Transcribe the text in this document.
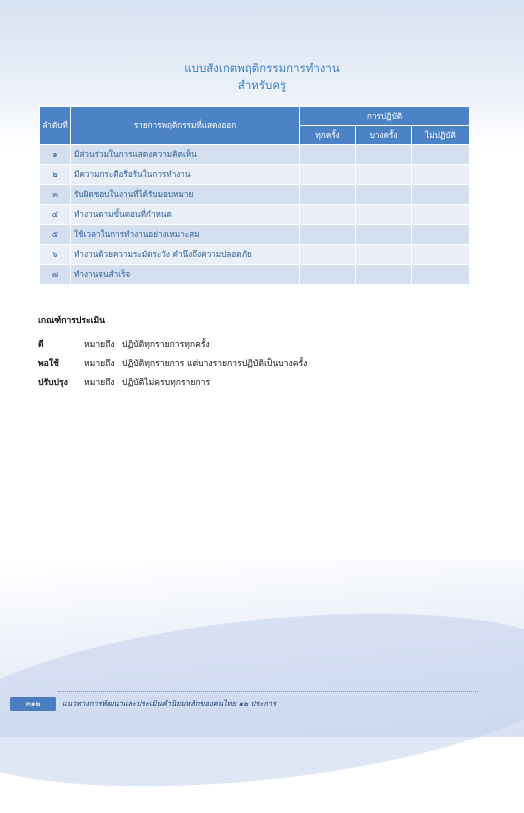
แบบสังเกตพฤติกรรมการทำงาน
สำหรับครู
ลำดับที่	รายการพฤติกรรมที่แสดงออก	การปฏิบัติ		
		ทุกครั้ง	บางครั้ง	ไม่ปฏิบัติ
๑	มีส่วนร่วมในการแสดงความคิดเห็น			
๒	มีความกระตือรือร้นในการทำงาน			
๓	รับผิดชอบในงานที่ได้รับมอบหมาย			
๔	ทำงานตามขั้นตอนที่กำหนด			
๕	ใช้เวลาในการทำงานอย่างเหมาะสม			
๖	ทำงานด้วยความระมัดระวัง คำนึงถึงความปลอดภัย			
๗	ทำงานจนสำเร็จ			
เกณฑ์การประเมิน
ดี	หมายถึง ปฏิบัติทุกรายการทุกครั้ง
พอใช้	หมายถึง ปฏิบัติทุกรายการ แต่บางรายการปฏิบัติเป็นบางครั้ง
ปรับปรุง	หมายถึง ปฏิบัติไม่ครบทุกรายการ
๓๑๒	แนวทางการพัฒนาและประเมินคำนิยมหลักของคนไทย ๑๒ ประการ
